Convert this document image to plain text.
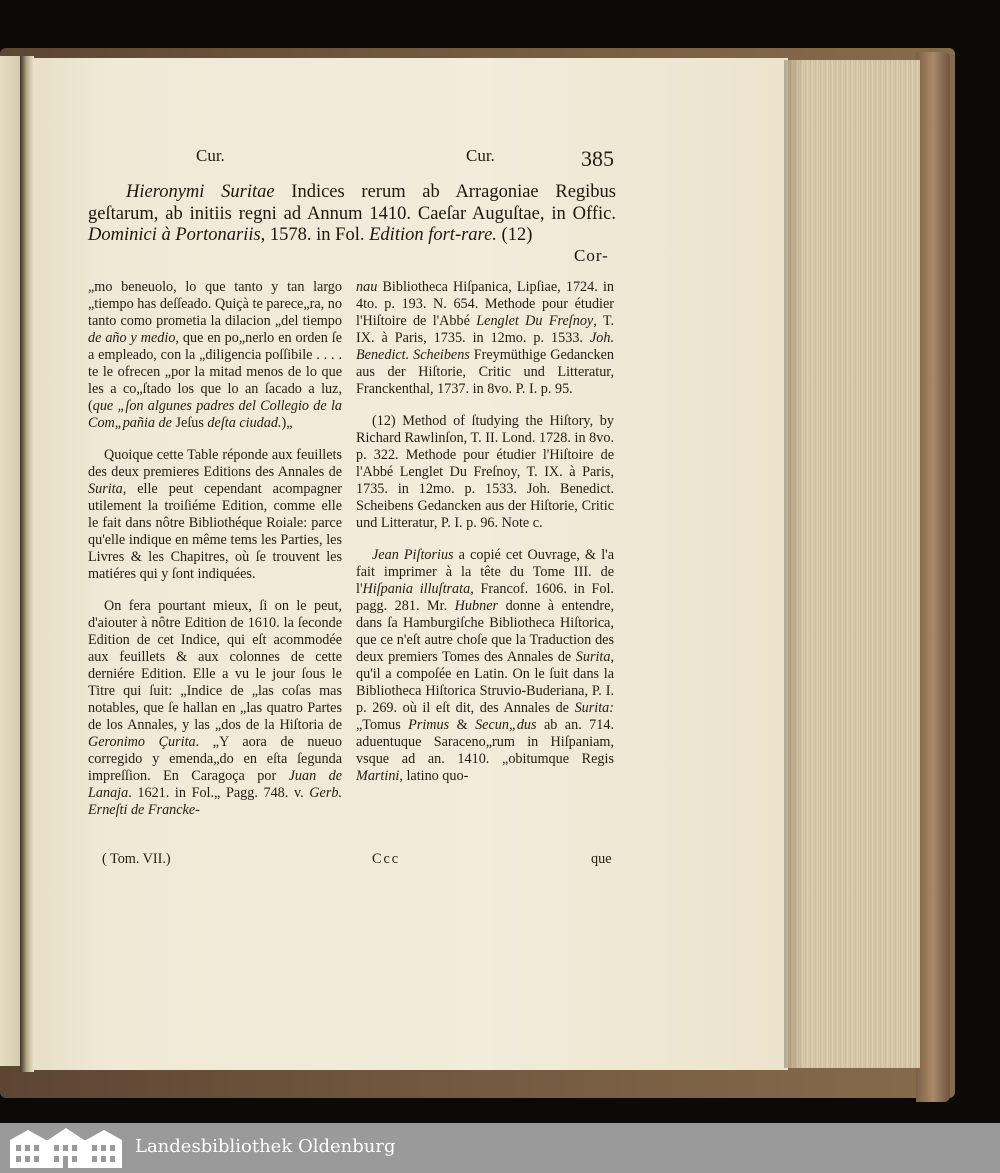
Cur.	Cur.	385
Hieronymi Suritae Indices rerum ab Arragoniae Regibus geſtarum, ab initiis regni ad Annum 1410. Caeſar Auguſtae, in Offic. Dominici à Portonariis, 1578. in Fol. Edition fort-rare. (12)
Cor-

„mo beneuolo, lo que tanto y tan largo „tiempo has deſſeado. Quiçà te parece„ra, no tanto como prometia la dilacion „del tiempo de año y medio, que en po„nerlo en orden ſe a empleado, con la „diligencia poſſibile . . . . te le ofrecen „por la mitad menos de lo que les a co„ſtado los que lo an ſacado a luz, (que „ſon algunes padres del Collegio de la Com„pañia de Jeſus deſta ciudad.)„

Quoique cette Table réponde aux feuillets des deux premieres Editions des Annales de Surita, elle peut cependant acompagner utilement la troiſiéme Edition, comme elle le fait dans nôtre Bibliothéque Roiale: parce qu'elle indique en même tems les Parties, les Livres & les Chapitres, où ſe trouvent les matiéres qui y ſont indiquées.

On fera pourtant mieux, ſi on le peut, d'aiouter à nôtre Edition de 1610. la ſeconde Edition de cet Indice, qui eſt acommodée aux feuillets & aux colonnes de cette derniére Edition. Elle a vu le jour ſous le Titre qui ſuit: „Indice de „las coſas mas notables, que ſe hallan en „las quatro Partes de los Annales, y las „dos de la Hiſtoria de Geronimo Çurita. „Y aora de nueuo corregido y emenda„do en eſta ſegunda impreſſion. En Caragoça por Juan de Lanaja. 1621. in Fol.„ Pagg. 748. v. Gerb. Erneſti de Francke-

nau Bibliotheca Hiſpanica, Lipſiae, 1724. in 4to. p. 193. N. 654. Methode pour étudier l'Hiſtoire de l'Abbé Lenglet Du Freſnoy, T. IX. à Paris, 1735. in 12mo. p. 1533. Joh. Benedict. Scheibens Freymüthige Gedancken aus der Hiſtorie, Critic und Litteratur, Franckenthal, 1737. in 8vo. P. I. p. 95.

(12) Method of ſtudying the Hiſtory, by Richard Rawlinſon, T. II. Lond. 1728. in 8vo. p. 322. Methode pour étudier l'Hiſtoire de l'Abbé Lenglet Du Freſnoy, T. IX. à Paris, 1735. in 12mo. p. 1533. Joh. Benedict. Scheibens Gedancken aus der Hiſtorie, Critic und Litteratur, P. I. p. 96. Note c.

Jean Piſtorius a copié cet Ouvrage, & l'a fait imprimer à la tête du Tome III. de l'Hiſpania illuſtrata, Francof. 1606. in Fol. pagg. 281. Mr. Hubner donne à entendre, dans ſa Hamburgiſche Bibliotheca Hiſtorica, que ce n'eſt autre choſe que la Traduction des deux premiers Tomes des Annales de Surita, qu'il a compoſée en Latin. On le ſuit dans la Bibliotheca Hiſtorica Struvio-Buderiana, P. I. p. 269. où il eſt dit, des Annales de Surita: „Tomus Primus & Secun„dus ab an. 714. aduentuque Saraceno„rum in Hiſpaniam, vsque ad an. 1410. „obitumque Regis Martini, latino quo-

( Tom. VII.)	Ccc	que
Landesbibliothek Oldenburg
